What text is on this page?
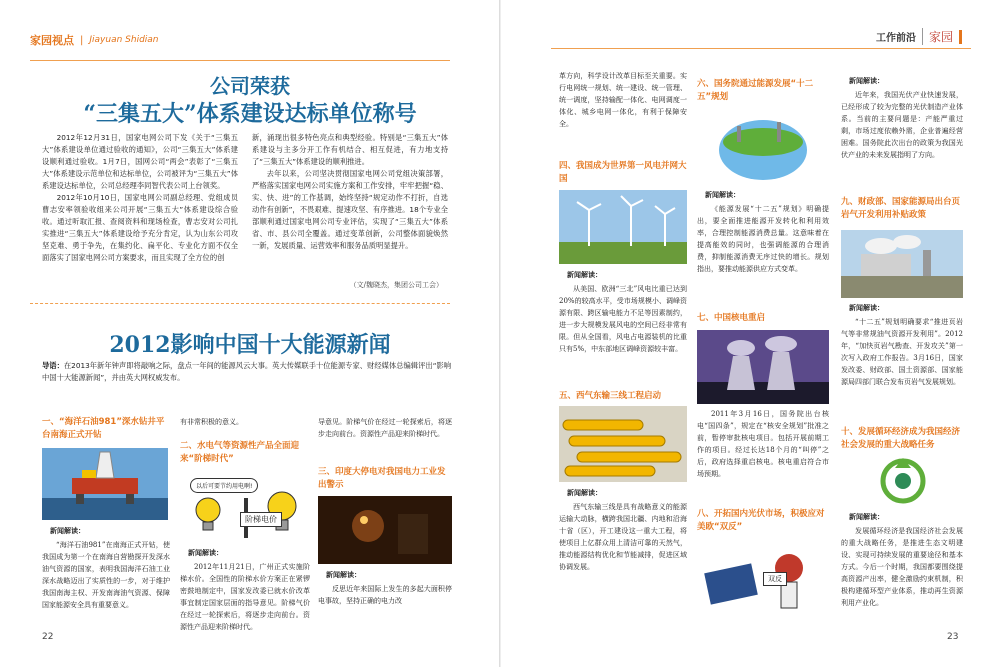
家园视点 | Jiayuan Shidian
公司荣获
“三集五大”体系建设达标单位称号

2012年12月31日，国家电网公司下发《关于“三集五大”体系建设单位通过验收的通知》，公司“三集五大”体系建设顺利通过验收。1月7日，国网公司“两会”表彰了“三集五大”体系建设示范单位和达标单位，公司被评为“三集五大”体系建设达标单位，公司总经理李同智代表公司上台领奖。

2012年10月10日，国家电网公司副总经理、党组成员曹志安率领验收组来公司开展“三集五大”体系建设综合验收。通过听取汇报、查阅资料和现场检查，曹志安对公司扎实推进“三集五大”体系建设给予充分肯定，认为山东公司攻坚克难、勇于争先，在集约化、扁平化、专业化方面不仅全面落实了国家电网公司方案要求，而且实现了全方位的创

新，涌现出很多特色亮点和典型经验。特别是“三集五大”体系建设与主多分开工作有机结合、相互促进，有力地支持了“三集五大”体系建设的顺利推进。

去年以来，公司坚决贯彻国家电网公司党组决策部署，严格落实国家电网公司实施方案和工作安排，牢牢把握“稳、实、快、进”的工作基调，始终坚持“规定动作不打折，自选动作有创新”，不畏艰难、提速攻坚、有序推进。18个专业全部顺利通过国家电网公司专业评估，实现了“三集五大”体系省、市、县公司全覆盖。通过变革创新，公司整体面貌焕然一新，发展质量、运营效率和服务品质明显提升。

（文/魏晓杰，集团公司工会）
2012影响中国十大能源新闻
导语：在2013年新年钟声即将敲响之际，盘点一年间的能源风云大事。英大传媒联手十位能源专家、财经媒体总编辑评出“影响中国十大能源新闻”，并由英大网权威发布。
一、“海洋石油981”深水钻井平台南海正式开钻
新闻解读：
“海洋石油981”在南海正式开钻，使我国成为第一个在南海自营勘探开发深水油气资源的国家，表明我国海洋石油工业深水战略迈出了实质性的一步，对于维护我国南海主权、开发南海油气资源、保障国家能源安全具有重要意义。
有非常积极的意义。
二、水电气等资源性产品全面迎来“阶梯时代”
以后可要节约用电啊!
阶梯电价
新闻解读：
2012年11月21日，广州正式实施阶梯水价。全国性的阶梯水价方案正在紧锣密鼓地制定中，国家发改委已就水价改革事宜制定国家层面的指导意见。阶梯气价在经过一轮探索后，将逐步走向前台。资源性产品迎来阶梯时代。
导意见。阶梯气价在经过一轮探索后，将逐步走向前台。资源性产品迎来阶梯时代。
三、印度大停电对我国电力工业发出警示
新闻解读：
反思近年来国际上发生的多起大面积停电事故，坚持正确的电力改
22
工作前沿	家园
革方向，科学设计改革目标至关重要。实行电网统一规划、统一建设、统一管理、统一调度，坚持输配一体化、电网调度一体化、城乡电网一体化，有利于保障安全。
四、我国成为世界第一风电并网大国
新闻解读：
从美国、欧洲“三北”风电比重已达到20%的较高水平，受市场规模小、调峰资源有限、跨区输电能力不足等因素制约，进一步大规模发展风电的空间已经非常有限。但从全国看，风电占电源装机的比重只有5%，中东部地区调峰资源较丰富。
五、西气东输三线工程启动
新闻解读：
西气东输三线是具有战略意义的能源运输大动脉，横跨我国北疆、内地和沿海十省（区），开工建设这一重大工程，将使项目上亿群众用上清洁可靠的天然气，推动能源结构优化和节能减排，促进区域协调发展。
六、国务院通过能源发展“十二五”规划
新闻解读：
《能源发展“十二五”规划》明确提出，要全面推进能源开发转化和利用效率，合理控制能源消费总量。这意味着在提高能效的同时，也强调能源的合理消费，抑制能源消费无序过快的增长。规划指出，要推动能源供应方式变革。
七、中国核电重启
2011年3月16日，国务院出台核电“国四条”，规定在“核安全规划”批准之前，暂停审批核电项目。包括开展前期工作的项目。经过长达18个月的“叫停”之后，政府选择重启核电。核电重启符合市场预期。
八、开拓国内光伏市场，积极应对美欧“双反”
双反
新闻解读：
近年来，我国光伏产业快速发展，已经形成了较为完整的光伏制造产业体系。当前的主要问题是：产能严重过剩，市场过度依赖外需，企业普遍经营困难。国务院此次出台的政策为我国光伏产业的未来发展指明了方向。
九、财政部、国家能源局出台页岩气开发利用补贴政策
新闻解读：
“十二五”规划明确要求“推进页岩气等非常规油气资源开发利用”。2012年，“加快页岩气勘查、开发攻关”第一次写入政府工作报告。3月16日，国家发改委、财政部、国土资源部、国家能源局四部门联合发布页岩气发展规划。
十、发展循环经济成为我国经济社会发展的重大战略任务
新闻解读：
发展循环经济是我国经济社会发展的重大战略任务，是推进生态文明建设、实现可持续发展的重要途径和基本方式。今后一个时期，我国都要围绕提高资源产出率，健全激励约束机制，积极构建循环型产业体系，推动再生资源利用产业化。
23
